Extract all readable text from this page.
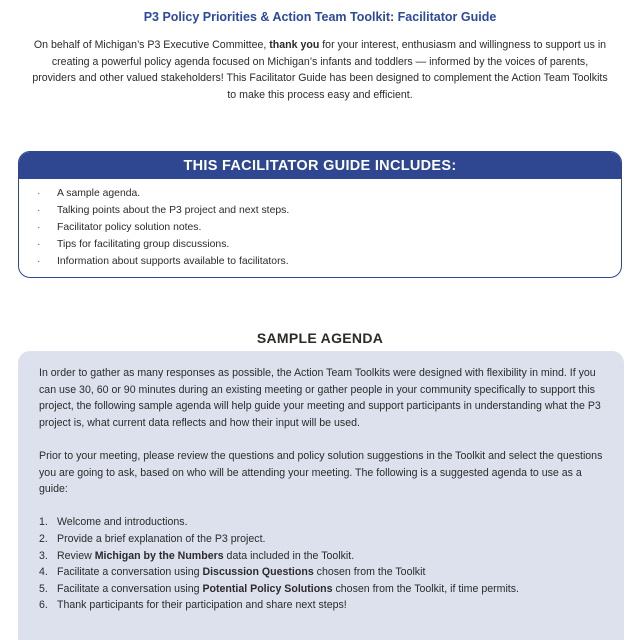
P3 Policy Priorities & Action Team Toolkit: Facilitator Guide
On behalf of Michigan’s P3 Executive Committee, thank you for your interest, enthusiasm and willingness to support us in creating a powerful policy agenda focused on Michigan’s infants and toddlers — informed by the voices of parents, providers and other valued stakeholders! This Facilitator Guide has been designed to complement the Action Team Toolkits to make this process easy and efficient.
THIS FACILITATOR GUIDE INCLUDES:
·	A sample agenda.
·	Talking points about the P3 project and next steps.
·	Facilitator policy solution notes.
·	Tips for facilitating group discussions.
·	Information about supports available to facilitators.
SAMPLE AGENDA

In order to gather as many responses as possible, the Action Team Toolkits were designed with flexibility in mind. If you can use 30, 60 or 90 minutes during an existing meeting or gather people in your community specifically to support this project, the following sample agenda will help guide your meeting and support participants in understanding what the P3 project is, what current data reflects and how their input will be used.

Prior to your meeting, please review the questions and policy solution suggestions in the Toolkit and select the questions you are going to ask, based on who will be attending your meeting. The following is a suggested agenda to use as a guide:

1. Welcome and introductions.
2. Provide a brief explanation of the P3 project.
3. Review Michigan by the Numbers data included in the Toolkit.
4. Facilitate a conversation using Discussion Questions chosen from the Toolkit
5. Facilitate a conversation using Potential Policy Solutions chosen from the Toolkit, if time permits.
6. Thank participants for their participation and share next steps!
